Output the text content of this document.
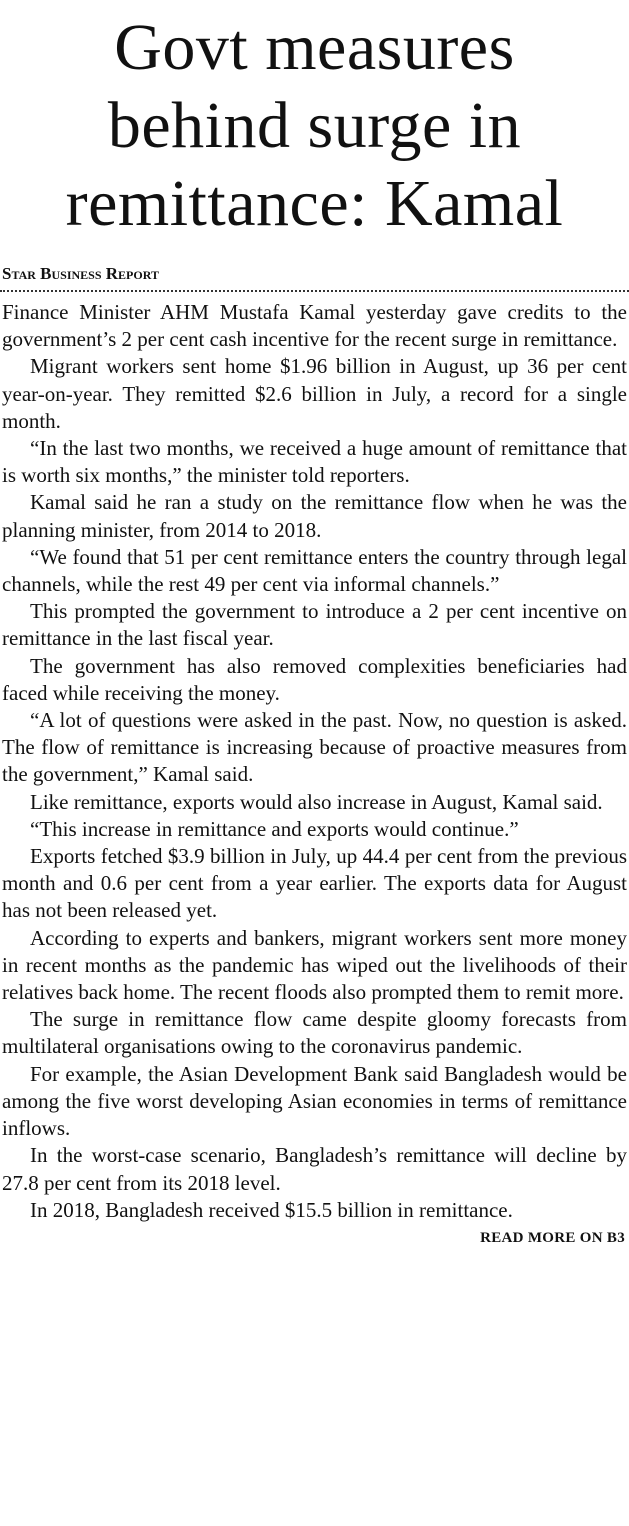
Govt measures
behind surge in
remittance: Kamal
Star Business Report

Finance Minister AHM Mustafa Kamal yesterday gave credits to the government’s 2 per cent cash incentive for the recent surge in remittance.

Migrant workers sent home $1.96 billion in August, up 36 per cent year-on-year. They remitted $2.6 billion in July, a record for a single month.

“In the last two months, we received a huge amount of remittance that is worth six months,” the minister told reporters.

Kamal said he ran a study on the remittance flow when he was the planning minister, from 2014 to 2018.

“We found that 51 per cent remittance enters the country through legal channels, while the rest 49 per cent via informal channels.”

This prompted the government to introduce a 2 per cent incentive on remittance in the last fiscal year.

The government has also removed complexities beneficiaries had faced while receiving the money.

“A lot of questions were asked in the past. Now, no question is asked. The flow of remittance is increasing because of proactive measures from the government,” Kamal said.

Like remittance, exports would also increase in August, Kamal said.

“This increase in remittance and exports would continue.”

Exports fetched $3.9 billion in July, up 44.4 per cent from the previous month and 0.6 per cent from a year earlier. The exports data for August has not been released yet.

According to experts and bankers, migrant workers sent more money in recent months as the pandemic has wiped out the livelihoods of their relatives back home. The recent floods also prompted them to remit more.

The surge in remittance flow came despite gloomy forecasts from multilateral organisations owing to the coronavirus pandemic.

For example, the Asian Development Bank said Bangladesh would be among the five worst developing Asian economies in terms of remittance inflows.

In the worst-case scenario, Bangladesh’s remittance will decline by 27.8 per cent from its 2018 level.

In 2018, Bangladesh received $15.5 billion in remittance.

READ MORE ON B3
